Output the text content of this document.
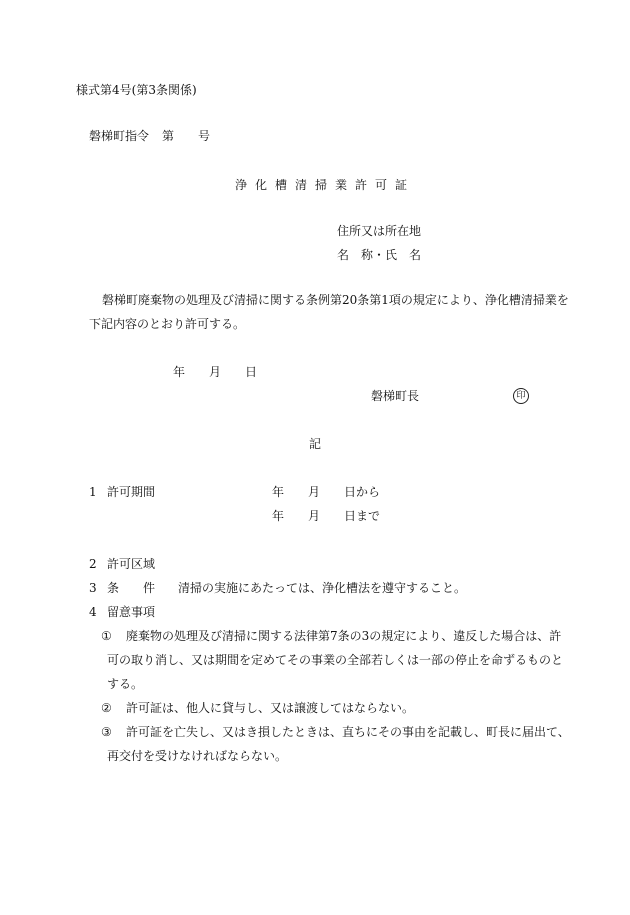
様式第4号(第3条関係)
磐梯町指令 第 号
浄化槽清掃業許可証
住所又は所在地
名　称・氏　名
磐梯町廃棄物の処理及び清掃に関する条例第20条第1項の規定により、浄化槽清掃業を
下記内容のとおり許可する。
年 月 日
磐梯町長	印
記
1 許可期間	年 月 日から
年 月 日まで
2 許可区域
3 条 件 清掃の実施にあたっては、浄化槽法を遵守すること。
4 留意事項
① 廃棄物の処理及び清掃に関する法律第7条の3の規定により、違反した場合は、許
可の取り消し、又は期間を定めてその事業の全部若しくは一部の停止を命ずるものと
する。
② 許可証は、他人に貸与し、又は譲渡してはならない。
③ 許可証を亡失し、又はき損したときは、直ちにその事由を記載し、町長に届出て、
再交付を受けなければならない。
